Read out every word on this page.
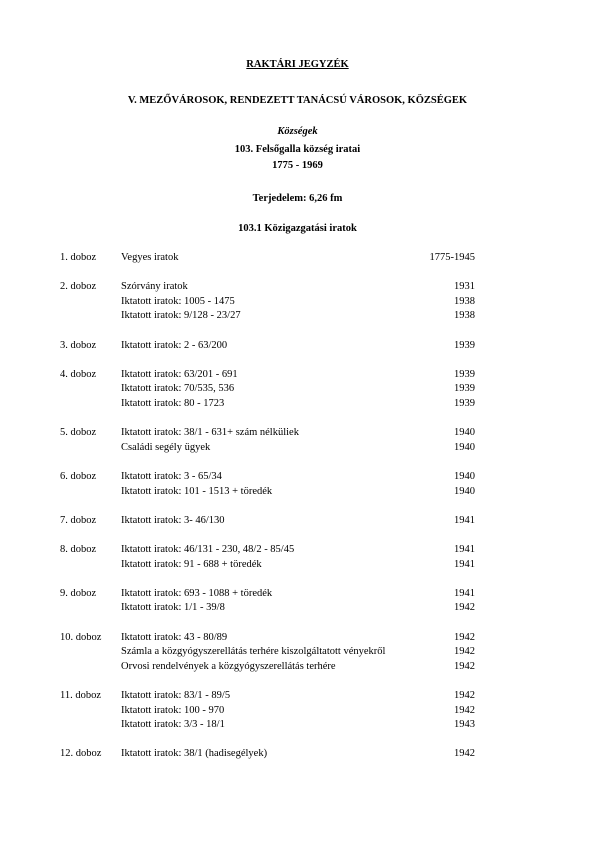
RAKTÁRI JEGYZÉK
V. MEZŐVÁROSOK, RENDEZETT TANÁCSÚ VÁROSOK, KÖZSÉGEK
Községek
103. Felsőgalla község iratai
1775 - 1969
Terjedelem: 6,26 fm
103.1 Közigazgatási iratok
1. doboz Vegyes iratok	1775-1945
2. doboz Szórvány iratok	1931
Iktatott iratok: 1005 - 1475	1938
Iktatott iratok: 9/128 - 23/27	1938
3. doboz Iktatott iratok: 2 - 63/200	1939
4. doboz Iktatott iratok: 63/201 - 691	1939
Iktatott iratok: 70/535, 536	1939
Iktatott iratok: 80 - 1723	1939
5. doboz Iktatott iratok: 38/1 - 631+ szám nélküliek	1940
Családi segély ügyek	1940
6. doboz Iktatott iratok: 3 - 65/34	1940
Iktatott iratok: 101 - 1513 + töredék	1940
7. doboz Iktatott iratok: 3- 46/130	1941
8. doboz Iktatott iratok: 46/131 - 230, 48/2 - 85/45	1941
Iktatott iratok: 91 - 688 + töredék	1941
9. doboz Iktatott iratok: 693 - 1088 + töredék	1941
Iktatott iratok: 1/1 - 39/8	1942
10. doboz Iktatott iratok: 43 - 80/89	1942
Számla a közgyógyszerellátás terhére kiszolgáltatott vényekről	1942
Orvosi rendelvények a közgyógyszerellátás terhére	1942
11. doboz Iktatott iratok: 83/1 - 89/5	1942
Iktatott iratok: 100 - 970	1942
Iktatott iratok: 3/3 - 18/1	1943
12. doboz Iktatott iratok: 38/1 (hadisegélyek)	1942
